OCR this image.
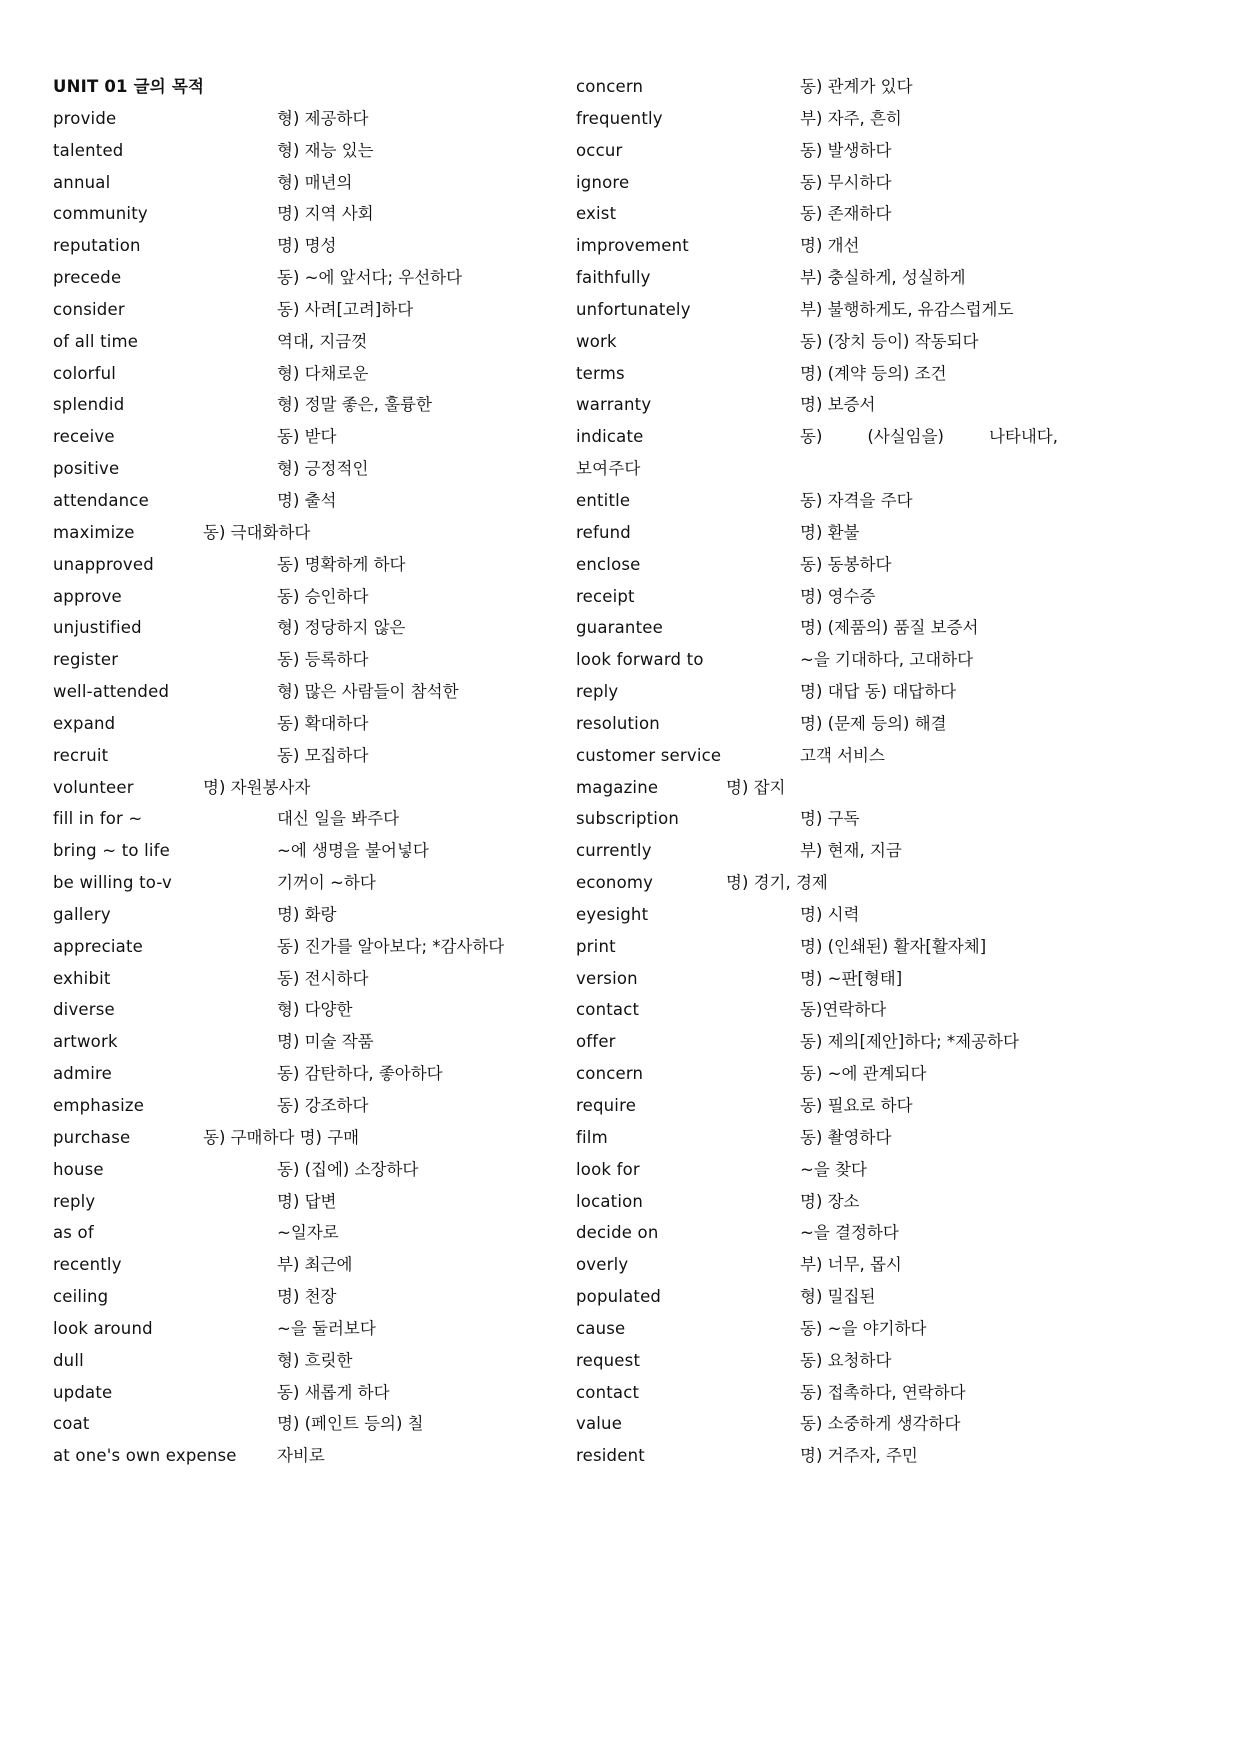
UNIT 01 글의 목적
provide	형) 제공하다
talented	형) 재능 있는
annual	형) 매년의
community	명) 지역 사회
reputation	명) 명성
precede	동) ~에 앞서다; 우선하다
consider	동) 사려[고려]하다
of all time	역대, 지금껏
colorful	형) 다채로운
splendid	형) 정말 좋은, 훌륭한
receive	동) 받다
positive	형) 긍정적인
attendance	명) 출석
maximize	동) 극대화하다
unapproved	동) 명확하게 하다
approve	동) 승인하다
unjustified	형) 정당하지 않은
register	동) 등록하다
well-attended	형) 많은 사람들이 참석한
expand	동) 확대하다
recruit	동) 모집하다
volunteer	명) 자원봉사자
fill in for ~	대신 일을 봐주다
bring ~ to life	~에 생명을 불어넣다
be willing to-v	기꺼이 ~하다
gallery	명) 화랑
appreciate	동) 진가를 알아보다; *감사하다
exhibit	동) 전시하다
diverse	형) 다양한
artwork	명) 미술 작품
admire	동) 감탄하다, 좋아하다
emphasize	동) 강조하다
purchase	동) 구매하다 명) 구매
house	동) (집에) 소장하다
reply	명) 답변
as of	~일자로
recently	부) 최근에
ceiling	명) 천장
look around	~을 둘러보다
dull	형) 흐릿한
update	동) 새롭게 하다
coat	명) (페인트 등의) 칠
at one's own expense 자비로
concern	동) 관계가 있다
frequently	부) 자주, 흔히
occur	동) 발생하다
ignore	동) 무시하다
exist	동) 존재하다
improvement	명) 개선
faithfully	부) 충실하게, 성실하게
unfortunately	부) 불행하게도, 유감스럽게도
work	동) (장치 등이) 작동되다
terms	명) (계약 등의) 조건
warranty	명) 보증서
indicate	동)	(사실임을)	나타내다,
보여주다
entitle	동) 자격을 주다
refund	명) 환불
enclose	동) 동봉하다
receipt	명) 영수증
guarantee	명) (제품의) 품질 보증서
look forward to	~을 기대하다, 고대하다
reply	명) 대답 동) 대답하다
resolution	명) (문제 등의) 해결
customer service	고객 서비스
magazine	명) 잡지
subscription	명) 구독
currently	부) 현재, 지금
economy	명) 경기, 경제
eyesight	명) 시력
print	명) (인쇄된) 활자[활자체]
version	명) ~판[형태]
contact	동)연락하다
offer	동) 제의[제안]하다; *제공하다
concern	동) ~에 관계되다
require	동) 필요로 하다
film	동) 촬영하다
look for	~을 찾다
location	명) 장소
decide on	~을 결정하다
overly	부) 너무, 몹시
populated	형) 밀집된
cause	동) ~을 야기하다
request	동) 요청하다
contact	동) 접촉하다, 연락하다
value	동) 소중하게 생각하다
resident	명) 거주자, 주민
